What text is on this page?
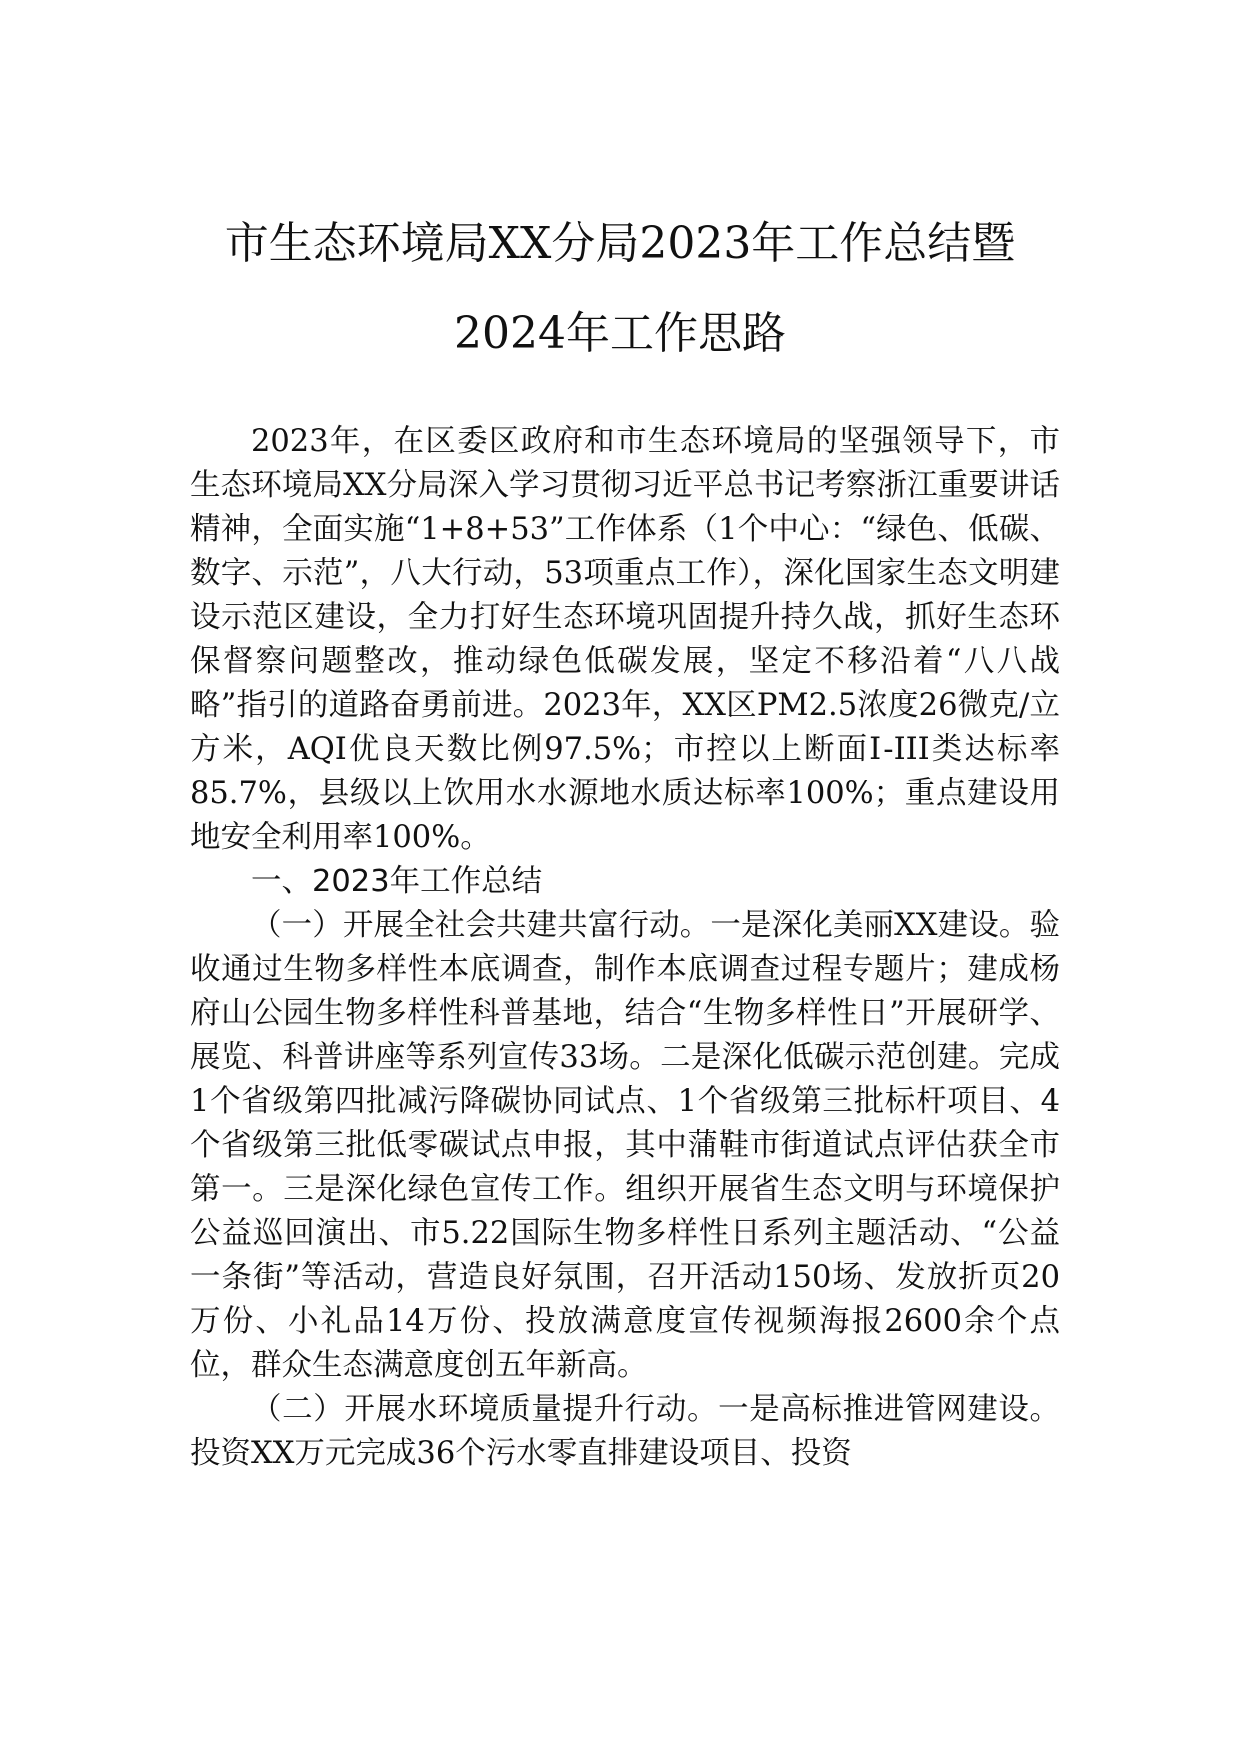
市生态环境局XX分局2023年工作总结暨
2024年工作思路

2023年，在区委区政府和市生态环境局的坚强领导下，市生态环境局XX分局深入学习贯彻习近平总书记考察浙江重要讲话精神，全面实施“1+8+53”工作体系（1个中心：“绿色、低碳、数字、示范”，八大行动，53项重点工作），深化国家生态文明建设示范区建设，全力打好生态环境巩固提升持久战，抓好生态环保督察问题整改，推动绿色低碳发展，坚定不移沿着“八八战略”指引的道路奋勇前进。2023年，XX区PM2.5浓度26微克/立方米，AQI优良天数比例97.5%；市控以上断面Ⅰ-III类达标率85.7%，县级以上饮用水水源地水质达标率100%；重点建设用地安全利用率100%。

一、2023年工作总结

（一）开展全社会共建共富行动。一是深化美丽XX建设。验收通过生物多样性本底调查，制作本底调查过程专题片；建成杨府山公园生物多样性科普基地，结合“生物多样性日”开展研学、展览、科普讲座等系列宣传33场。二是深化低碳示范创建。完成1个省级第四批减污降碳协同试点、1个省级第三批标杆项目、4个省级第三批低零碳试点申报，其中蒲鞋市街道试点评估获全市第一。三是深化绿色宣传工作。组织开展省生态文明与环境保护公益巡回演出、市5.22国际生物多样性日系列主题活动、“公益一条街”等活动，营造良好氛围，召开活动150场、发放折页20万份、小礼品14万份、投放满意度宣传视频海报2600余个点位，群众生态满意度创五年新高。

（二）开展水环境质量提升行动。一是高标推进管网建设。投资XX万元完成36个污水零直排建设项目、投资
